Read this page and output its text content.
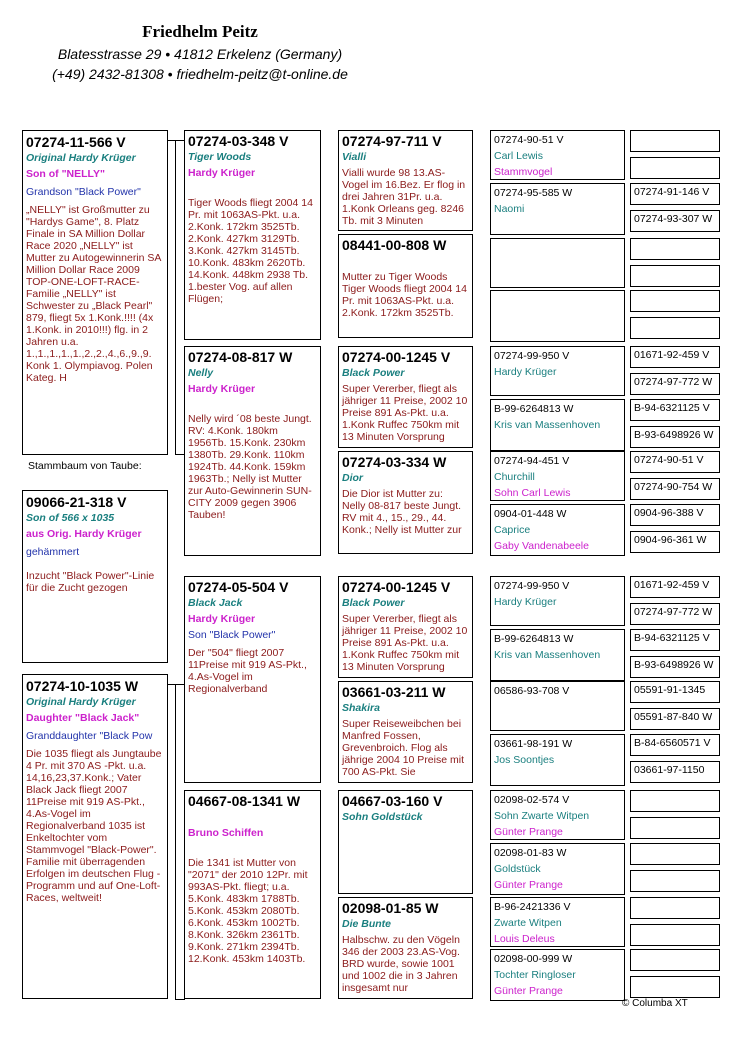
Friedhelm Peitz
Blatesstrasse 29 • 41812 Erkelenz (Germany)
(+49) 2432-81308 • friedhelm-peitz@t-online.de
07274-11-566 V
Original Hardy Krüger
Son of "NELLY"
Grandson "Black Power"
„NELLY" ist Großmutter zu "Hardys Game", 8. Platz Finale in SA Million Dollar Race 2020 „NELLY" ist Mutter zu Autogewinnerin SA Million Dollar Race 2009 TOP-ONE-LOFT-RACE-Familie „NELLY" ist Schwester zu „Black Pearl" 879, fliegt 5x 1.Konk.!!!! (4x 1.Konk. in 2010!!!) flg. in 2 Jahren u.a. 1.,1.,1.,1.,1.,2.,2.,4.,6.,9.,9. Konk 1. Olympiavog. Polen Kateg. H
Stammbaum von Taube:
09066-21-318 V
Son of 566 x 1035
aus Orig. Hardy Krüger
gehämmert
Inzucht "Black Power"-Linie für die Zucht gezogen
07274-10-1035 W
Original Hardy Krüger
Daughter "Black Jack"
Granddaughter "Black Pow
Die 1035 fliegt als Jungtaube 4 Pr. mit 370 AS -Pkt. u.a. 14,16,23,37.Konk.; Vater Black Jack fliegt 2007 11Preise mit 919 AS-Pkt., 4.As-Vogel im Regionalverband 1035 ist Enkeltochter vom Stammvogel "Black-Power". Familie mit überragenden Erfolgen im deutschen Flug -Programm und auf One-Loft-Races, weltweit!
07274-03-348 V
Tiger Woods
Hardy Krüger
Tiger Woods fliegt 2004 14 Pr. mit 1063AS-Pkt. u.a. 2.Konk. 172km 3525Tb. 2.Konk. 427km 3129Tb. 3.Konk. 427km 3145Tb. 10.Konk. 483km 2620Tb. 14.Konk. 448km 2938 Tb. 1.bester Vog. auf allen Flügen;
07274-08-817 W
Nelly
Hardy Krüger
Nelly wird ´08 beste Jungt. RV: 4.Konk. 180km 1956Tb. 15.Konk. 230km 1380Tb. 29.Konk. 110km 1924Tb. 44.Konk. 159km 1963Tb.; Nelly ist Mutter zur Auto-Gewinnerin SUN-CITY 2009 gegen 3906 Tauben!
07274-05-504 V
Black Jack
Hardy Krüger
Son "Black Power"
Der "504" fliegt 2007 11Preise mit 919 AS-Pkt., 4.As-Vogel im Regionalverband
04667-08-1341 W
Bruno Schiffen
Die 1341 ist Mutter von "2071" der 2010 12Pr. mit 993AS-Pkt. fliegt; u.a. 5.Konk. 483km 1788Tb. 5.Konk. 453km 2080Tb. 6.Konk. 453km 1002Tb. 8.Konk. 326km 2361Tb. 9.Konk. 271km 2394Tb. 12.Konk. 453km 1403Tb.
07274-97-711 V
Vialli
Vialli wurde 98 13.AS-Vogel im 16.Bez. Er flog in drei Jahren 31Pr. u.a. 1.Konk Orleans geg. 8246 Tb. mit 3 Minuten
08441-00-808 W
Mutter zu Tiger Woods Tiger Woods fliegt 2004 14 Pr. mit 1063AS-Pkt. u.a. 2.Konk. 172km 3525Tb.
07274-00-1245 V
Black Power
Super Vererber, fliegt als jähriger 11 Preise, 2002 10 Preise 891 As-Pkt. u.a. 1.Konk Ruffec 750km mit 13 Minuten Vorsprung
07274-03-334 W
Dior
Die Dior ist Mutter zu: Nelly 08-817 beste Jungt. RV mit 4., 15., 29., 44. Konk.; Nelly ist Mutter zur
07274-00-1245 V
Black Power
Super Vererber, fliegt als jähriger 11 Preise, 2002 10 Preise 891 As-Pkt. u.a. 1.Konk Ruffec 750km mit 13 Minuten Vorsprung
03661-03-211 W
Shakira
Super Reiseweibchen bei Manfred Fossen, Grevenbroich. Flog als jährige 2004 10 Preise mit 700 AS-Pkt. Sie
04667-03-160 V
Sohn Goldstück
02098-01-85 W
Die Bunte
Halbschw. zu den Vögeln 346 der 2003 23.AS-Vog. BRD wurde, sowie 1001 und 1002 die in 3 Jahren insgesamt nur
07274-90-51 V
Carl Lewis
Stammvogel
07274-95-585 W
Naomi
07274-99-950 V
Hardy Krüger
B-99-6264813 W
Kris van Massenhoven
07274-94-451 V
Churchill
Sohn Carl Lewis
0904-01-448 W
Caprice
Gaby Vandenabeele
07274-99-950 V
Hardy Krüger
B-99-6264813 W
Kris van Massenhoven
06586-93-708 V
03661-98-191 W
Jos Soontjes
02098-02-574 V
Sohn Zwarte Witpen
Günter Prange
02098-01-83 W
Goldstück
Günter Prange
B-96-2421336 V
Zwarte Witpen
Louis Deleus
02098-00-999 W
Tochter Ringloser
Günter Prange
07274-91-146 V
07274-93-307 W
01671-92-459 V
07274-97-772 W
B-94-6321125 V
B-93-6498926 W
07274-90-51 V
07274-90-754 W
0904-96-388 V
0904-96-361 W
01671-92-459 V
07274-97-772 W
B-94-6321125 V
B-93-6498926 W
05591-91-1345
05591-87-840 W
B-84-6560571 V
03661-97-1150
© Columba XT
